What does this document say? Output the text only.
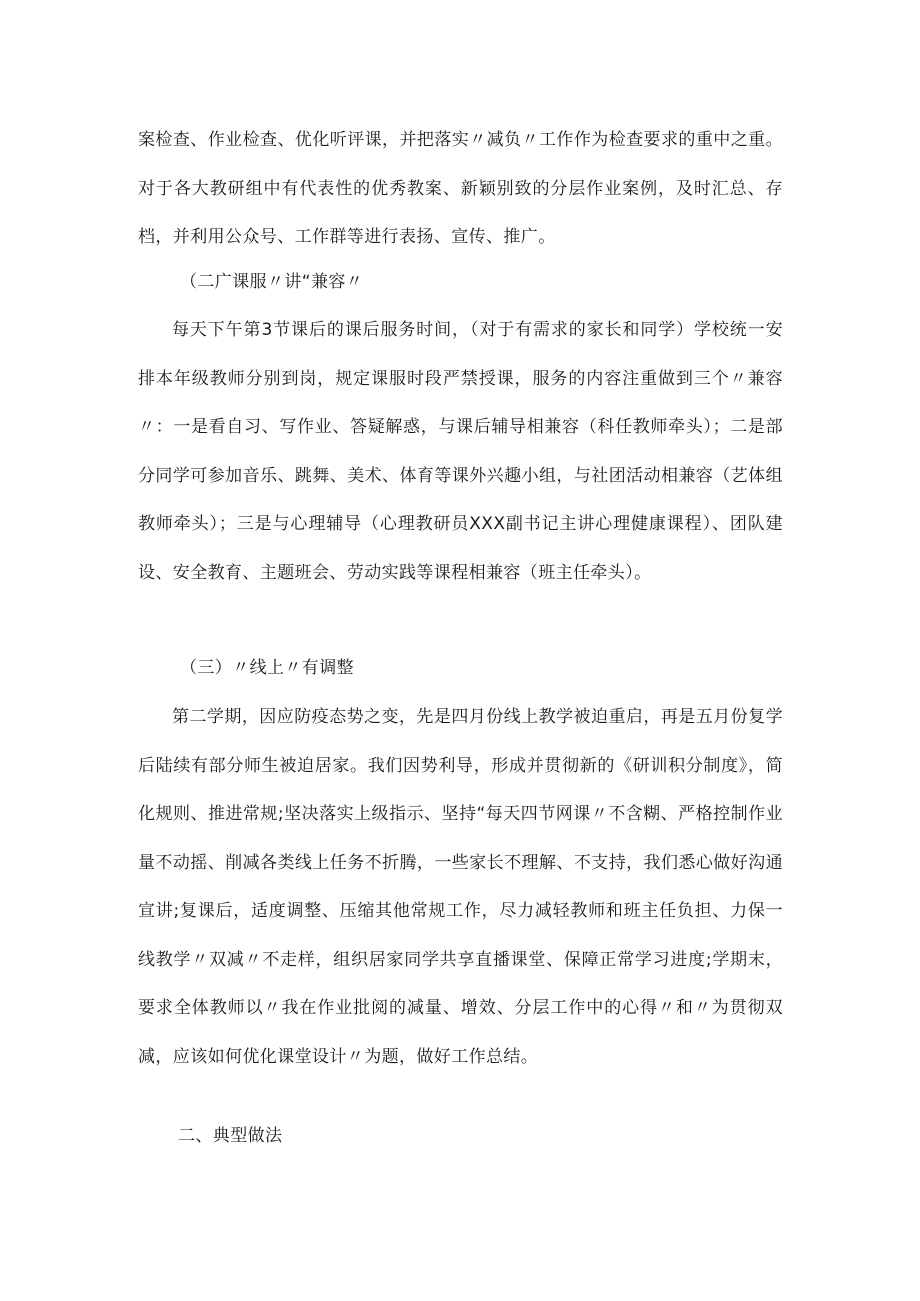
案检查、作业检查、优化听评课，并把落实〃减负〃工作作为检查要求的重中之重。对于各大教研组中有代表性的优秀教案、新颖别致的分层作业案例，及时汇总、存档，并利用公众号、工作群等进行表扬、宣传、推广。

（二广课服〃讲“兼容〃

每天下午第3节课后的课后服务时间，（对于有需求的家长和同学）学校统一安排本年级教师分别到岗，规定课服时段严禁授课，服务的内容注重做到三个〃兼容〃：一是看自习、写作业、答疑解惑，与课后辅导相兼容（科任教师牵头）；二是部分同学可参加音乐、跳舞、美术、体育等课外兴趣小组，与社团活动相兼容（艺体组教师牵头）；三是与心理辅导（心理教研员XXX副书记主讲心理健康课程）、团队建设、安全教育、主题班会、劳动实践等课程相兼容（班主任牵头）。

（三）〃线上〃有调整

第二学期，因应防疫态势之变，先是四月份线上教学被迫重启，再是五月份复学后陆续有部分师生被迫居家。我们因势利导，形成并贯彻新的《研训积分制度》，简化规则、推进常规;坚决落实上级指示、坚持“每天四节网课〃不含糊、严格控制作业量不动摇、削减各类线上任务不折腾，一些家长不理解、不支持，我们悉心做好沟通宣讲;复课后，适度调整、压缩其他常规工作，尽力减轻教师和班主任负担、力保一线教学〃双减〃不走样，组织居家同学共享直播课堂、保障正常学习进度;学期末，要求全体教师以〃我在作业批阅的减量、增效、分层工作中的心得〃和〃为贯彻双减，应该如何优化课堂设计〃为题，做好工作总结。

二、典型做法
